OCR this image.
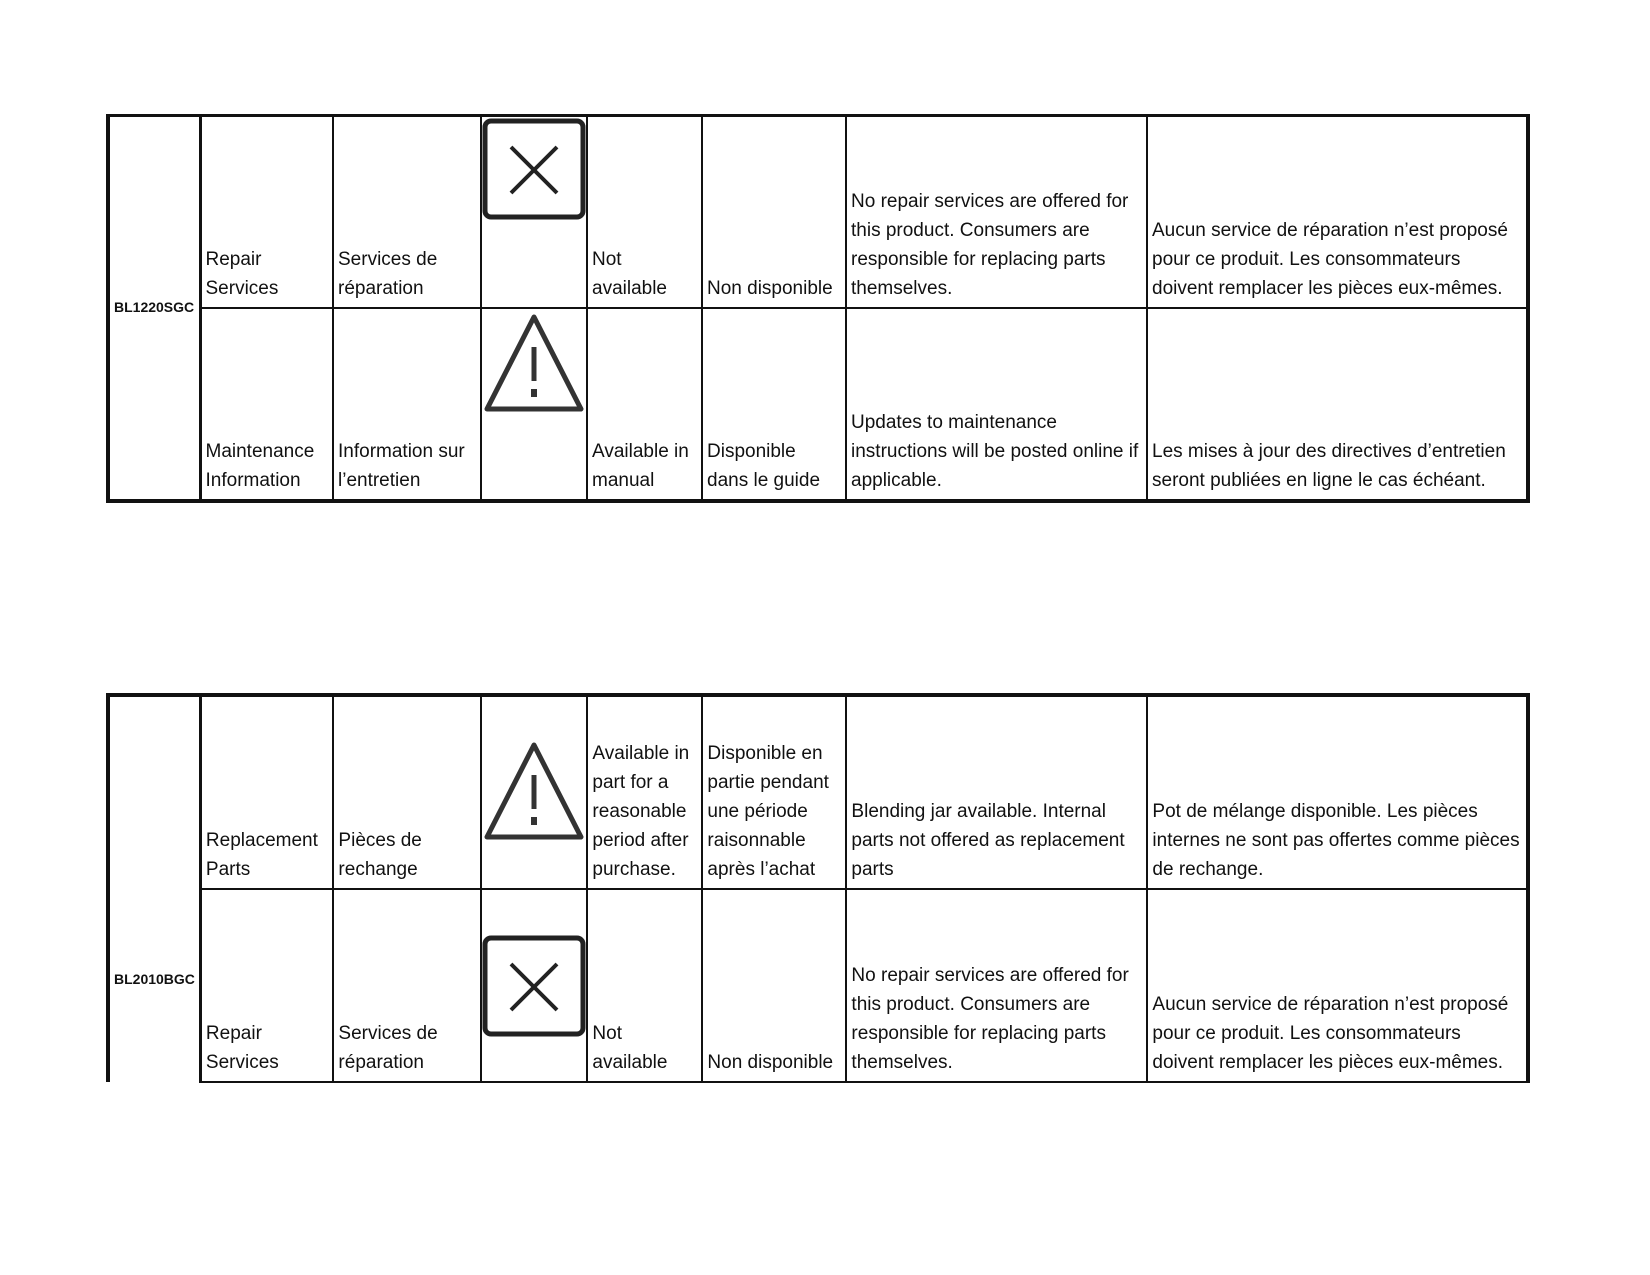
BL1220SGC	Repair Services	Services de réparation		Not available	Non disponible	No repair services are offered for this product. Consumers are responsible for replacing parts themselves.	Aucun service de réparation n’est proposé pour ce produit. Les consommateurs doivent remplacer les pièces eux-mêmes.
	Maintenance Information	Information sur l’entretien		Available in manual	Disponible dans le guide	Updates to maintenance instructions will be posted online if applicable.	Les mises à jour des directives d’entretien seront publiées en ligne le cas échéant.
BL2010BGC	Replacement Parts	Pièces de rechange		Available in part for a reasonable period after purchase.	Disponible en partie pendant une période raisonnable après l’achat	Blending jar available. Internal parts not offered as replacement parts	Pot de mélange disponible. Les pièces internes ne sont pas offertes comme pièces de rechange.
	Repair Services	Services de réparation		Not available	Non disponible	No repair services are offered for this product. Consumers are responsible for replacing parts themselves.	Aucun service de réparation n’est proposé pour ce produit. Les consommateurs doivent remplacer les pièces eux-mêmes.
